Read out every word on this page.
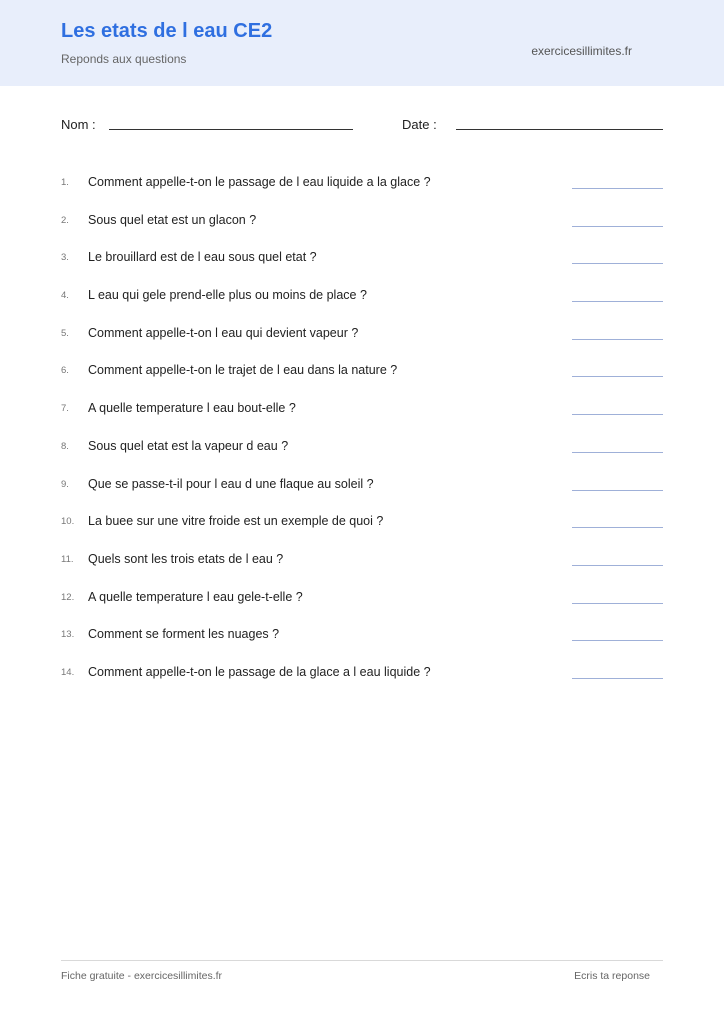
Les etats de l eau CE2
Reponds aux questions
exercicesillimites.fr
Nom :	Date :
1.	Comment appelle-t-on le passage de l eau liquide a la glace ?
2.	Sous quel etat est un glacon ?
3.	Le brouillard est de l eau sous quel etat ?
4.	L eau qui gele prend-elle plus ou moins de place ?
5.	Comment appelle-t-on l eau qui devient vapeur ?
6.	Comment appelle-t-on le trajet de l eau dans la nature ?
7.	A quelle temperature l eau bout-elle ?
8.	Sous quel etat est la vapeur d eau ?
9.	Que se passe-t-il pour l eau d une flaque au soleil ?
10.	La buee sur une vitre froide est un exemple de quoi ?
11.	Quels sont les trois etats de l eau ?
12.	A quelle temperature l eau gele-t-elle ?
13.	Comment se forment les nuages ?
14.	Comment appelle-t-on le passage de la glace a l eau liquide ?
Fiche gratuite - exercicesillimites.fr	Ecris ta reponse
